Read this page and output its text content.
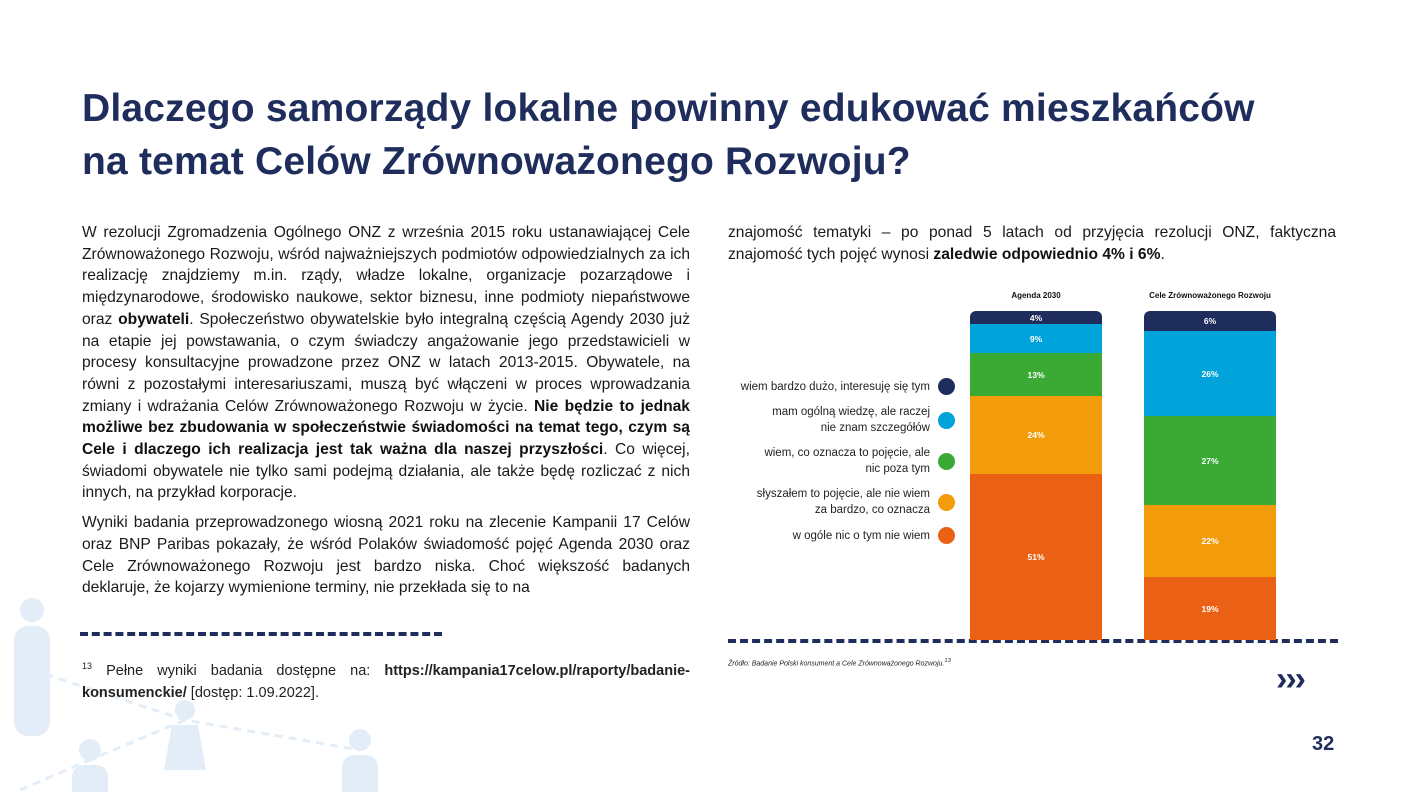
Dlaczego samorządy lokalne powinny edukować mieszkańców
na temat Celów Zrównoważonego Rozwoju?

W rezolucji Zgromadzenia Ogólnego ONZ z września 2015 roku ustanawiającej Cele Zrównoważonego Rozwoju, wśród najważniejszych podmiotów odpowiedzialnych za ich realizację znajdziemy m.in. rządy, władze lokalne, organizacje pozarządowe i międzynarodowe, środowisko naukowe, sektor biznesu, inne podmioty niepaństwowe oraz obywateli. Społeczeństwo obywatelskie było integralną częścią Agendy 2030 już na etapie jej powstawania, o czym świadczy angażowanie jego przedstawicieli w procesy konsultacyjne prowadzone przez ONZ w latach 2013-2015. Obywatele, na równi z pozostałymi interesariuszami, muszą być włączeni w proces wprowadzania zmiany i wdrażania Celów Zrównoważonego Rozwoju w życie. Nie będzie to jednak możliwe bez zbudowania w społeczeństwie świadomości na temat tego, czym są Cele i dlaczego ich realizacja jest tak ważna dla naszej przyszłości. Co więcej, świadomi obywatele nie tylko sami podejmą działania, ale także będę rozliczać z nich innych, na przykład korporacje.

Wyniki badania przeprowadzonego wiosną 2021 roku na zlecenie Kampanii 17 Celów oraz BNP Paribas pokazały, że wśród Polaków świadomość pojęć Agenda 2030 oraz Cele Zrównoważonego Rozwoju jest bardzo niska. Choć większość badanych deklaruje, że kojarzy wymienione terminy, nie przekłada się to na

znajomość tematyki – po ponad 5 latach od przyjęcia rezolucji ONZ, faktyczna znajomość tych pojęć wynosi zaledwie odpowiednio 4% i 6%.

$^{13}$ Pełne wyniki badania dostępne na: https://kampania17celow.pl/raporty/badanie-konsumenckie/ [dostęp: 1.09.2022].
Źródło: Badanie Polski konsument a Cele Zrównoważonego Rozwoju.$^{13}$
wiem bardzo dużo, interesuję się tym
mam ogólną wiedzę, ale raczej nie znam szczegółów
wiem, co oznacza to pojęcie, ale nic poza tym
słyszałem to pojęcie, ale nie wiem za bardzo, co oznacza
w ogóle nic o tym nie wiem
Agenda 2030
4%
9%
13%
24%
51%
Cele Zrównoważonego Rozwoju
6%
26%
27%
22%
19%
›››
32
